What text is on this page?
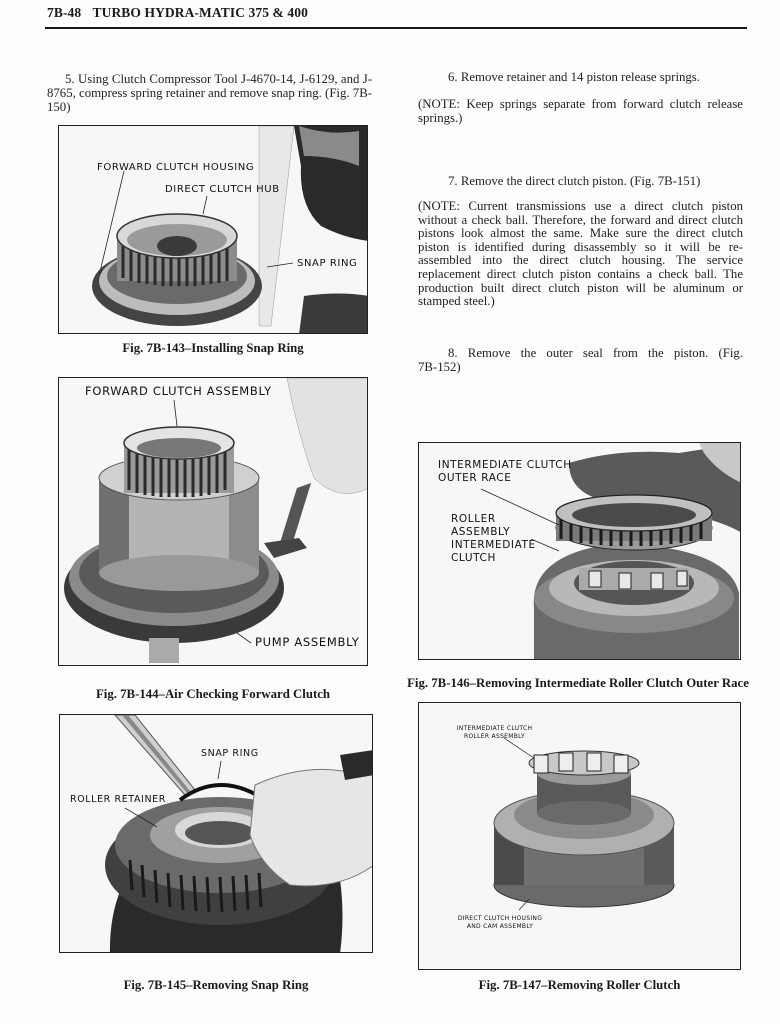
7B-48 TURBO HYDRA-MATIC 375 & 400
5. Using Clutch Compressor Tool J-4670-14, J-6129, and J-8765, compress spring retainer and remove snap ring. (Fig. 7B-150)
6. Remove retainer and 14 piston release springs.
(NOTE: Keep springs separate from forward clutch release springs.)
7. Remove the direct clutch piston. (Fig. 7B-151)
(NOTE: Current transmissions use a direct clutch piston without a check ball. Therefore, the forward and direct clutch pistons look almost the same. Make sure the direct clutch piston is identified during disassembly so it will be re-assembled into the direct clutch housing. The service replacement direct clutch piston contains a check ball. The production built direct clutch piston will be aluminum or stamped steel.)
8. Remove the outer seal from the piston. (Fig. 7B-152)
FORWARD CLUTCH HOUSING
DIRECT CLUTCH HUB
SNAP RING
Fig. 7B-143–Installing Snap Ring
FORWARD CLUTCH ASSEMBLY
PUMP ASSEMBLY
Fig. 7B-144–Air Checking Forward Clutch
SNAP RING
ROLLER RETAINER
Fig. 7B-145–Removing Snap Ring
INTERMEDIATE CLUTCH
OUTER RACE
ROLLER
ASSEMBLY
INTERMEDIATE
CLUTCH
Fig. 7B-146–Removing Intermediate Roller Clutch Outer Race
INTERMEDIATE CLUTCH
ROLLER ASSEMBLY
DIRECT CLUTCH HOUSING
AND CAM ASSEMBLY
Fig. 7B-147–Removing Roller Clutch
